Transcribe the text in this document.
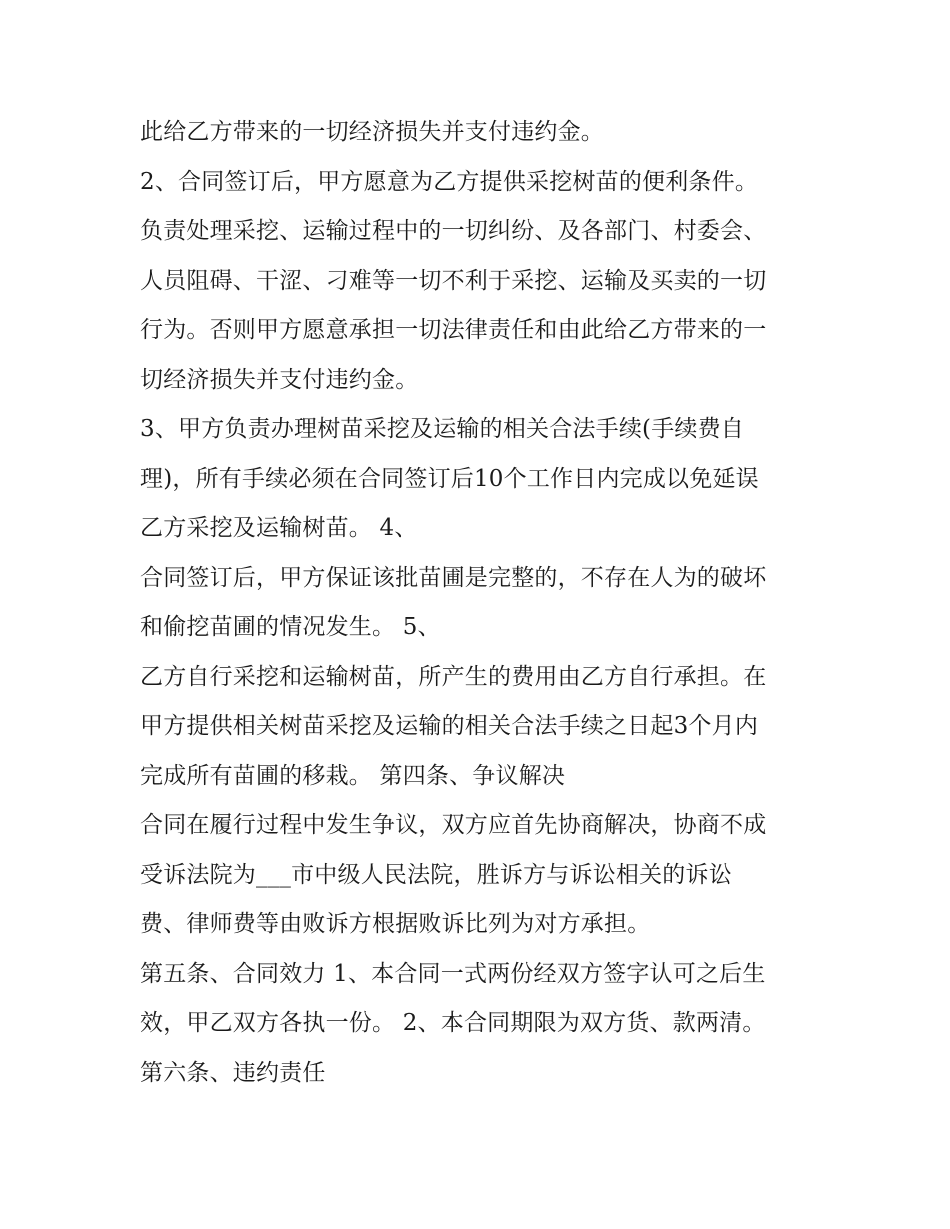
此给乙方带来的一切经济损失并支付违约金。
2、合同签订后，甲方愿意为乙方提供采挖树苗的便利条件。
负责处理采挖、运输过程中的一切纠纷、及各部门、村委会、
人员阻碍、干涩、刁难等一切不利于采挖、运输及买卖的一切
行为。否则甲方愿意承担一切法律责任和由此给乙方带来的一
切经济损失并支付违约金。
3、甲方负责办理树苗采挖及运输的相关合法手续(手续费自
理)，所有手续必须在合同签订后10个工作日内完成以免延误
乙方采挖及运输树苗。 4、
合同签订后，甲方保证该批苗圃是完整的，不存在人为的破坏
和偷挖苗圃的情况发生。 5、
乙方自行采挖和运输树苗，所产生的费用由乙方自行承担。在
甲方提供相关树苗采挖及运输的相关合法手续之日起3个月内
完成所有苗圃的移栽。 第四条、争议解决
合同在履行过程中发生争议，双方应首先协商解决，协商不成
受诉法院为___市中级人民法院，胜诉方与诉讼相关的诉讼
费、律师费等由败诉方根据败诉比列为对方承担。
第五条、合同效力 1、本合同一式两份经双方签字认可之后生
效，甲乙双方各执一份。 2、本合同期限为双方货、款两清。
第六条、违约责任
